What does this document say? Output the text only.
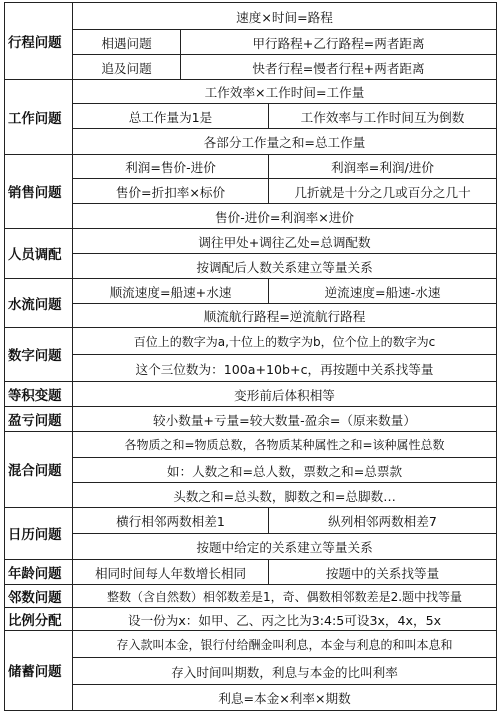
行程问题	速度×时间=路程		
	相遇问题	甲行路程+乙行路程=两者距离	
	追及问题	快者行程=慢者行程+两者距离	
工作问题	工作效率×工作时间=工作量		
	总工作量为1是		工作效率与工作时间互为倒数
	各部分工作量之和=总工作量		
销售问题	利润=售价-进价		利润率=利润/进价
	售价=折扣率×标价		几折就是十分之几或百分之几十
	售价-进价=利润率×进价		
人员调配	调往甲处+调往乙处=总调配数		
	按调配后人数关系建立等量关系		
水流问题	顺流速度=船速+水速		逆流速度=船速-水速
	顺流航行路程=逆流航行路程		
数字问题	百位上的数字为a,十位上的数字为b，位个位上的数字为c		
	这个三位数为：100a+10b+c，再按题中关系找等量		
等积变题	变形前后体积相等		
盈亏问题	较小数量+亏量=较大数量-盈余=（原来数量）		
混合问题	各物质之和=物质总数，各物质某种属性之和=该种属性总数		
	如：人数之和=总人数，票数之和=总票款		
	头数之和=总头数，脚数之和=总脚数…		
日历问题	横行相邻两数相差1		纵列相邻两数相差7
	按题中给定的关系建立等量关系		
年龄问题	相同时间每人年数增长相同		按题中的关系找等量
邻数问题	整数（含自然数）相邻数差是1，奇、偶数相邻数差是2.题中找等量		
比例分配	设一份为x：如甲、乙、丙之比为3:4:5可设3x，4x，5x		
储蓄问题	存入款叫本金，银行付给酬金叫利息，本金与利息的和叫本息和		
	存入时间叫期数，利息与本金的比叫利率		
	利息=本金×利率×期数		
